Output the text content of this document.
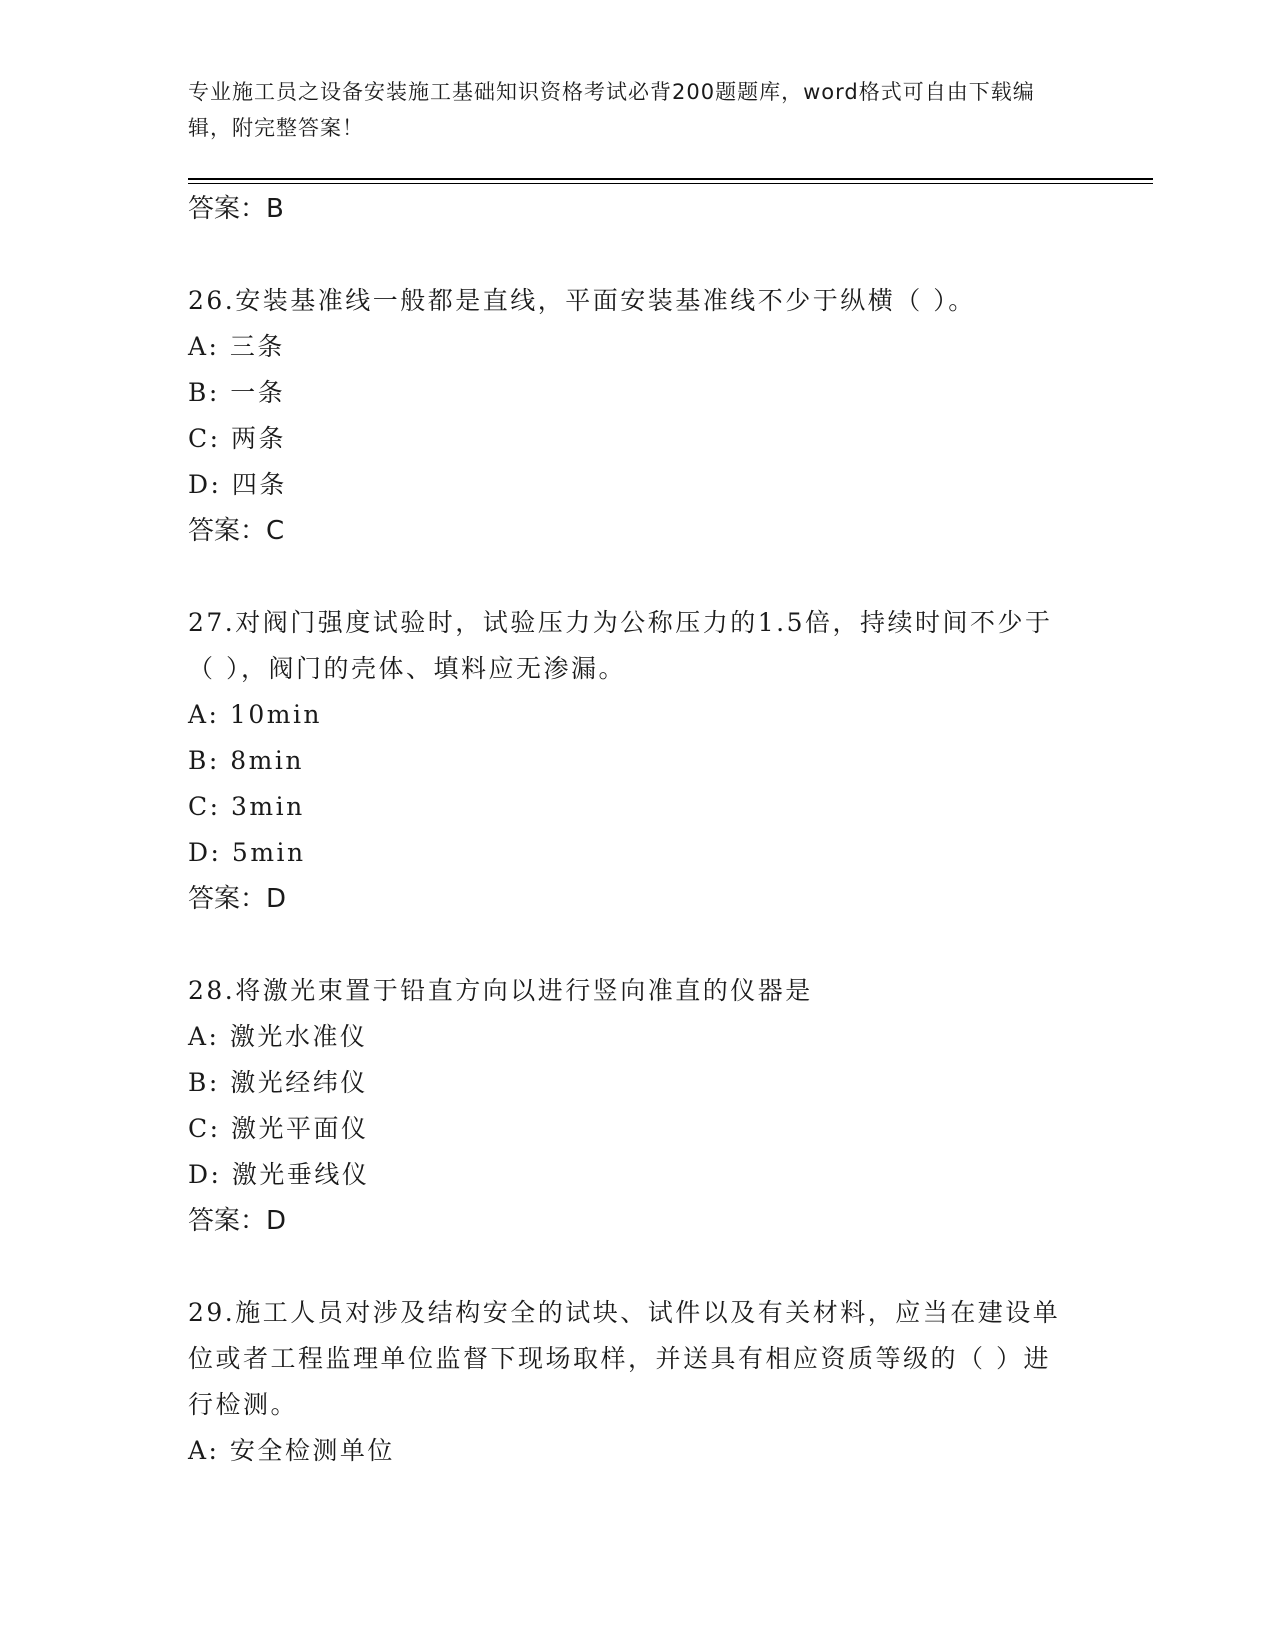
专业施工员之设备安装施工基础知识资格考试必背200题题库，word格式可自由下载编辑，附完整答案！
答案：B

26.安装基准线一般都是直线，平面安装基准线不少于纵横（ ）。

A: 三条

B: 一条

C: 两条

D: 四条

答案：C

27.对阀门强度试验时，试验压力为公称压力的1.5倍，持续时间不少于（ ），阀门的壳体、填料应无渗漏。

A: 10min

B: 8min

C: 3min

D: 5min

答案：D

28.将激光束置于铅直方向以进行竖向准直的仪器是

A: 激光水准仪

B: 激光经纬仪

C: 激光平面仪

D: 激光垂线仪

答案：D

29.施工人员对涉及结构安全的试块、试件以及有关材料，应当在建设单位或者工程监理单位监督下现场取样，并送具有相应资质等级的（ ）进行检测。

A: 安全检测单位
